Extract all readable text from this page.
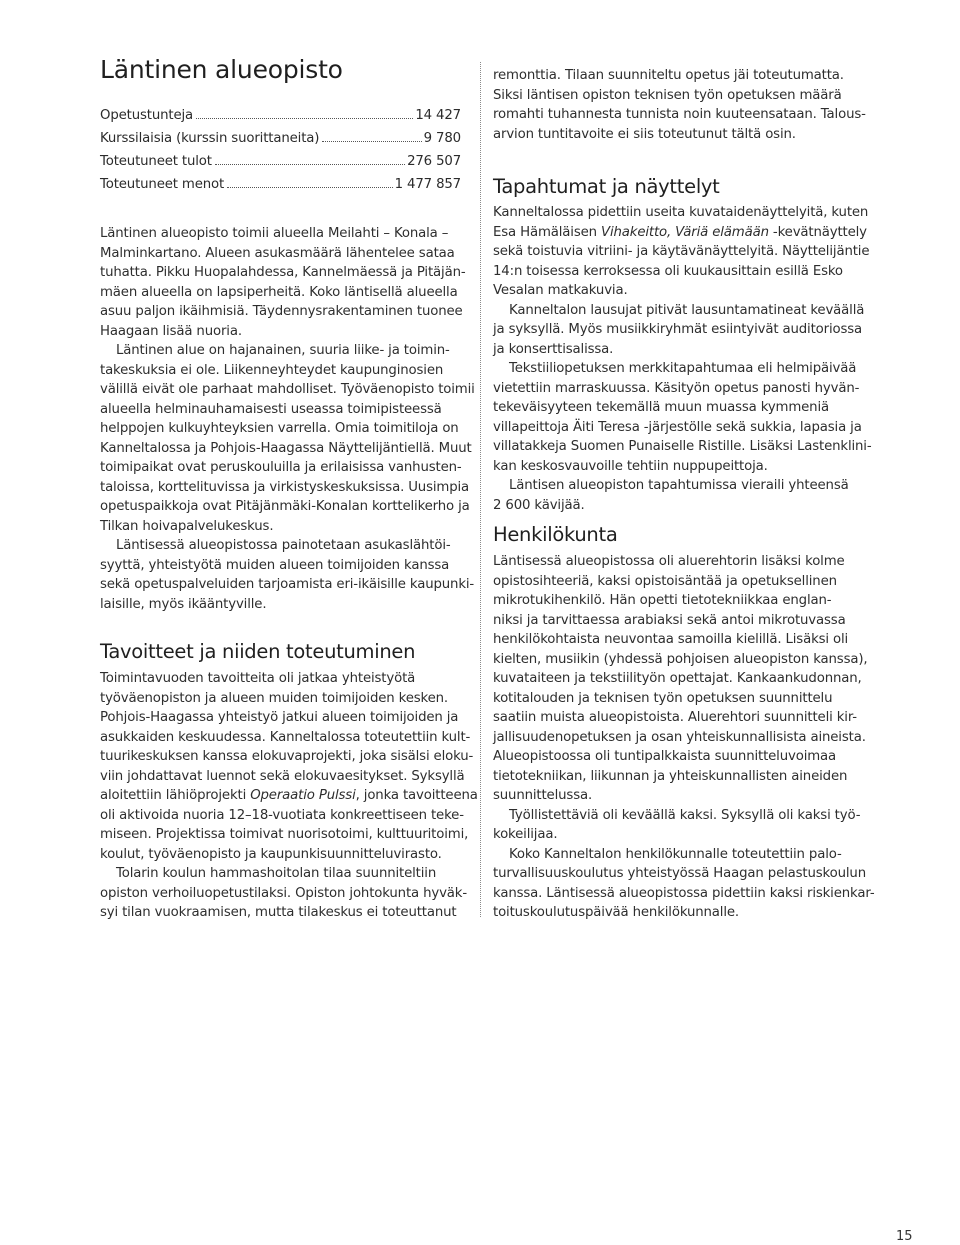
Läntinen alueopisto
Opetustunteja	14 427
Kurssilaisia (kurssin suorittaneita)	9 780
Toteutuneet tulot	276 507
Toteutuneet menot	1 477 857
Läntinen alueopisto toimii alueella Meilahti – Konala –
Malminkartano. Alueen asukasmäärä lähentelee sataa
tuhatta. Pikku Huopalahdessa, Kannelmäessä ja Pitäjän-
mäen alueella on lapsiperheitä. Koko läntisellä alueella
asuu paljon ikäihmisiä. Täydennysrakentaminen tuonee
Haagaan lisää nuoria.
Läntinen alue on hajanainen, suuria liike- ja toimin-
takeskuksia ei ole. Liikenneyhteydet kaupunginosien
välillä eivät ole parhaat mahdolliset. Työväenopisto toimii
alueella helminauhamaisesti useassa toimipisteessä
helppojen kulkuyhteyksien varrella. Omia toimitiloja on
Kanneltalossa ja Pohjois-Haagassa Näyttelijäntiellä. Muut
toimipaikat ovat peruskouluilla ja erilaisissa vanhusten-
taloissa, korttelituvissa ja virkistyskeskuksissa. Uusimpia
opetuspaikkoja ovat Pitäjänmäki-Konalan korttelikerho ja
Tilkan hoivapalvelukeskus.
Läntisessä alueopistossa painotetaan asukaslähtöi-
syyttä, yhteistyötä muiden alueen toimijoiden kanssa
sekä opetuspalveluiden tarjoamista eri-ikäisille kaupunki-
laisille, myös ikääntyville.
Tavoitteet ja niiden toteutuminen
Toimintavuoden tavoitteita oli jatkaa yhteistyötä
työväenopiston ja alueen muiden toimijoiden kesken.
Pohjois-Haagassa yhteistyö jatkui alueen toimijoiden ja
asukkaiden keskuudessa. Kanneltalossa toteutettiin kult-
tuurikeskuksen kanssa elokuvaprojekti, joka sisälsi eloku-
viin johdattavat luennot sekä elokuvaesitykset. Syksyllä
aloitettiin lähiöprojekti Operaatio Pulssi, jonka tavoitteena
oli aktivoida nuoria 12–18-vuotiata konkreettiseen teke-
miseen. Projektissa toimivat nuorisotoimi, kulttuuritoimi,
koulut, työväenopisto ja kaupunkisuunnitteluvirasto.
Tolarin koulun hammashoitolan tilaa suunniteltiin
opiston verhoiluopetustilaksi. Opiston johtokunta hyväk-
syi tilan vuokraamisen, mutta tilakeskus ei toteuttanut
remonttia. Tilaan suunniteltu opetus jäi toteutumatta.
Siksi läntisen opiston teknisen työn opetuksen määrä
romahti tuhannesta tunnista noin kuuteensataan. Talous-
arvion tuntitavoite ei siis toteutunut tältä osin.
Tapahtumat ja näyttelyt
Kanneltalossa pidettiin useita kuvataidenäyttelyitä, kuten
Esa Hämäläisen Vihakeitto, Väriä elämään -kevätnäyttely
sekä toistuvia vitriini- ja käytävänäyttelyitä. Näyttelijäntie
14:n toisessa kerroksessa oli kuukausittain esillä Esko
Vesalan matkakuvia.
Kanneltalon lausujat pitivät lausuntamatineat keväällä
ja syksyllä. Myös musiikkiryhmät esiintyivät auditoriossa
ja konserttisalissa.
Tekstiiliopetuksen merkkitapahtumaa eli helmipäivää
vietettiin marraskuussa. Käsityön opetus panosti hyvän-
tekeväisyyteen tekemällä muun muassa kymmeniä
villapeittoja Äiti Teresa -järjestölle sekä sukkia, lapasia ja
villatakkeja Suomen Punaiselle Ristille. Lisäksi Lastenklini-
kan keskosvauvoille tehtiin nuppupeittoja.
Läntisen alueopiston tapahtumissa vieraili yhteensä
2 600 kävijää.
Henkilökunta
Läntisessä alueopistossa oli aluerehtorin lisäksi kolme
opistosihteeriä, kaksi opistoisäntää ja opetuksellinen
mikrotukihenkilö. Hän opetti tietotekniikkaa englan-
niksi ja tarvittaessa arabiaksi sekä antoi mikrotuvassa
henkilökohtaista neuvontaa samoilla kielillä. Lisäksi oli
kielten, musiikin (yhdessä pohjoisen alueopiston kanssa),
kuvataiteen ja tekstiilityön opettajat. Kankaankudonnan,
kotitalouden ja teknisen työn opetuksen suunnittelu
saatiin muista alueopistoista. Aluerehtori suunnitteli kir-
jallisuudenopetuksen ja osan yhteiskunnallisista aineista.
Alueopistoossa oli tuntipalkkaista suunnitteluvoimaa
tietotekniikan, liikunnan ja yhteiskunnallisten aineiden
suunnittelussa.
Työllistettäviä oli keväällä kaksi. Syksyllä oli kaksi työ-
kokeilijaa.
Koko Kanneltalon henkilökunnalle toteutettiin palo-
turvallisuuskoulutus yhteistyössä Haagan pelastuskoulun
kanssa. Läntisessä alueopistossa pidettiin kaksi riskienkar-
toituskoulutuspäivää henkilökunnalle.
15
